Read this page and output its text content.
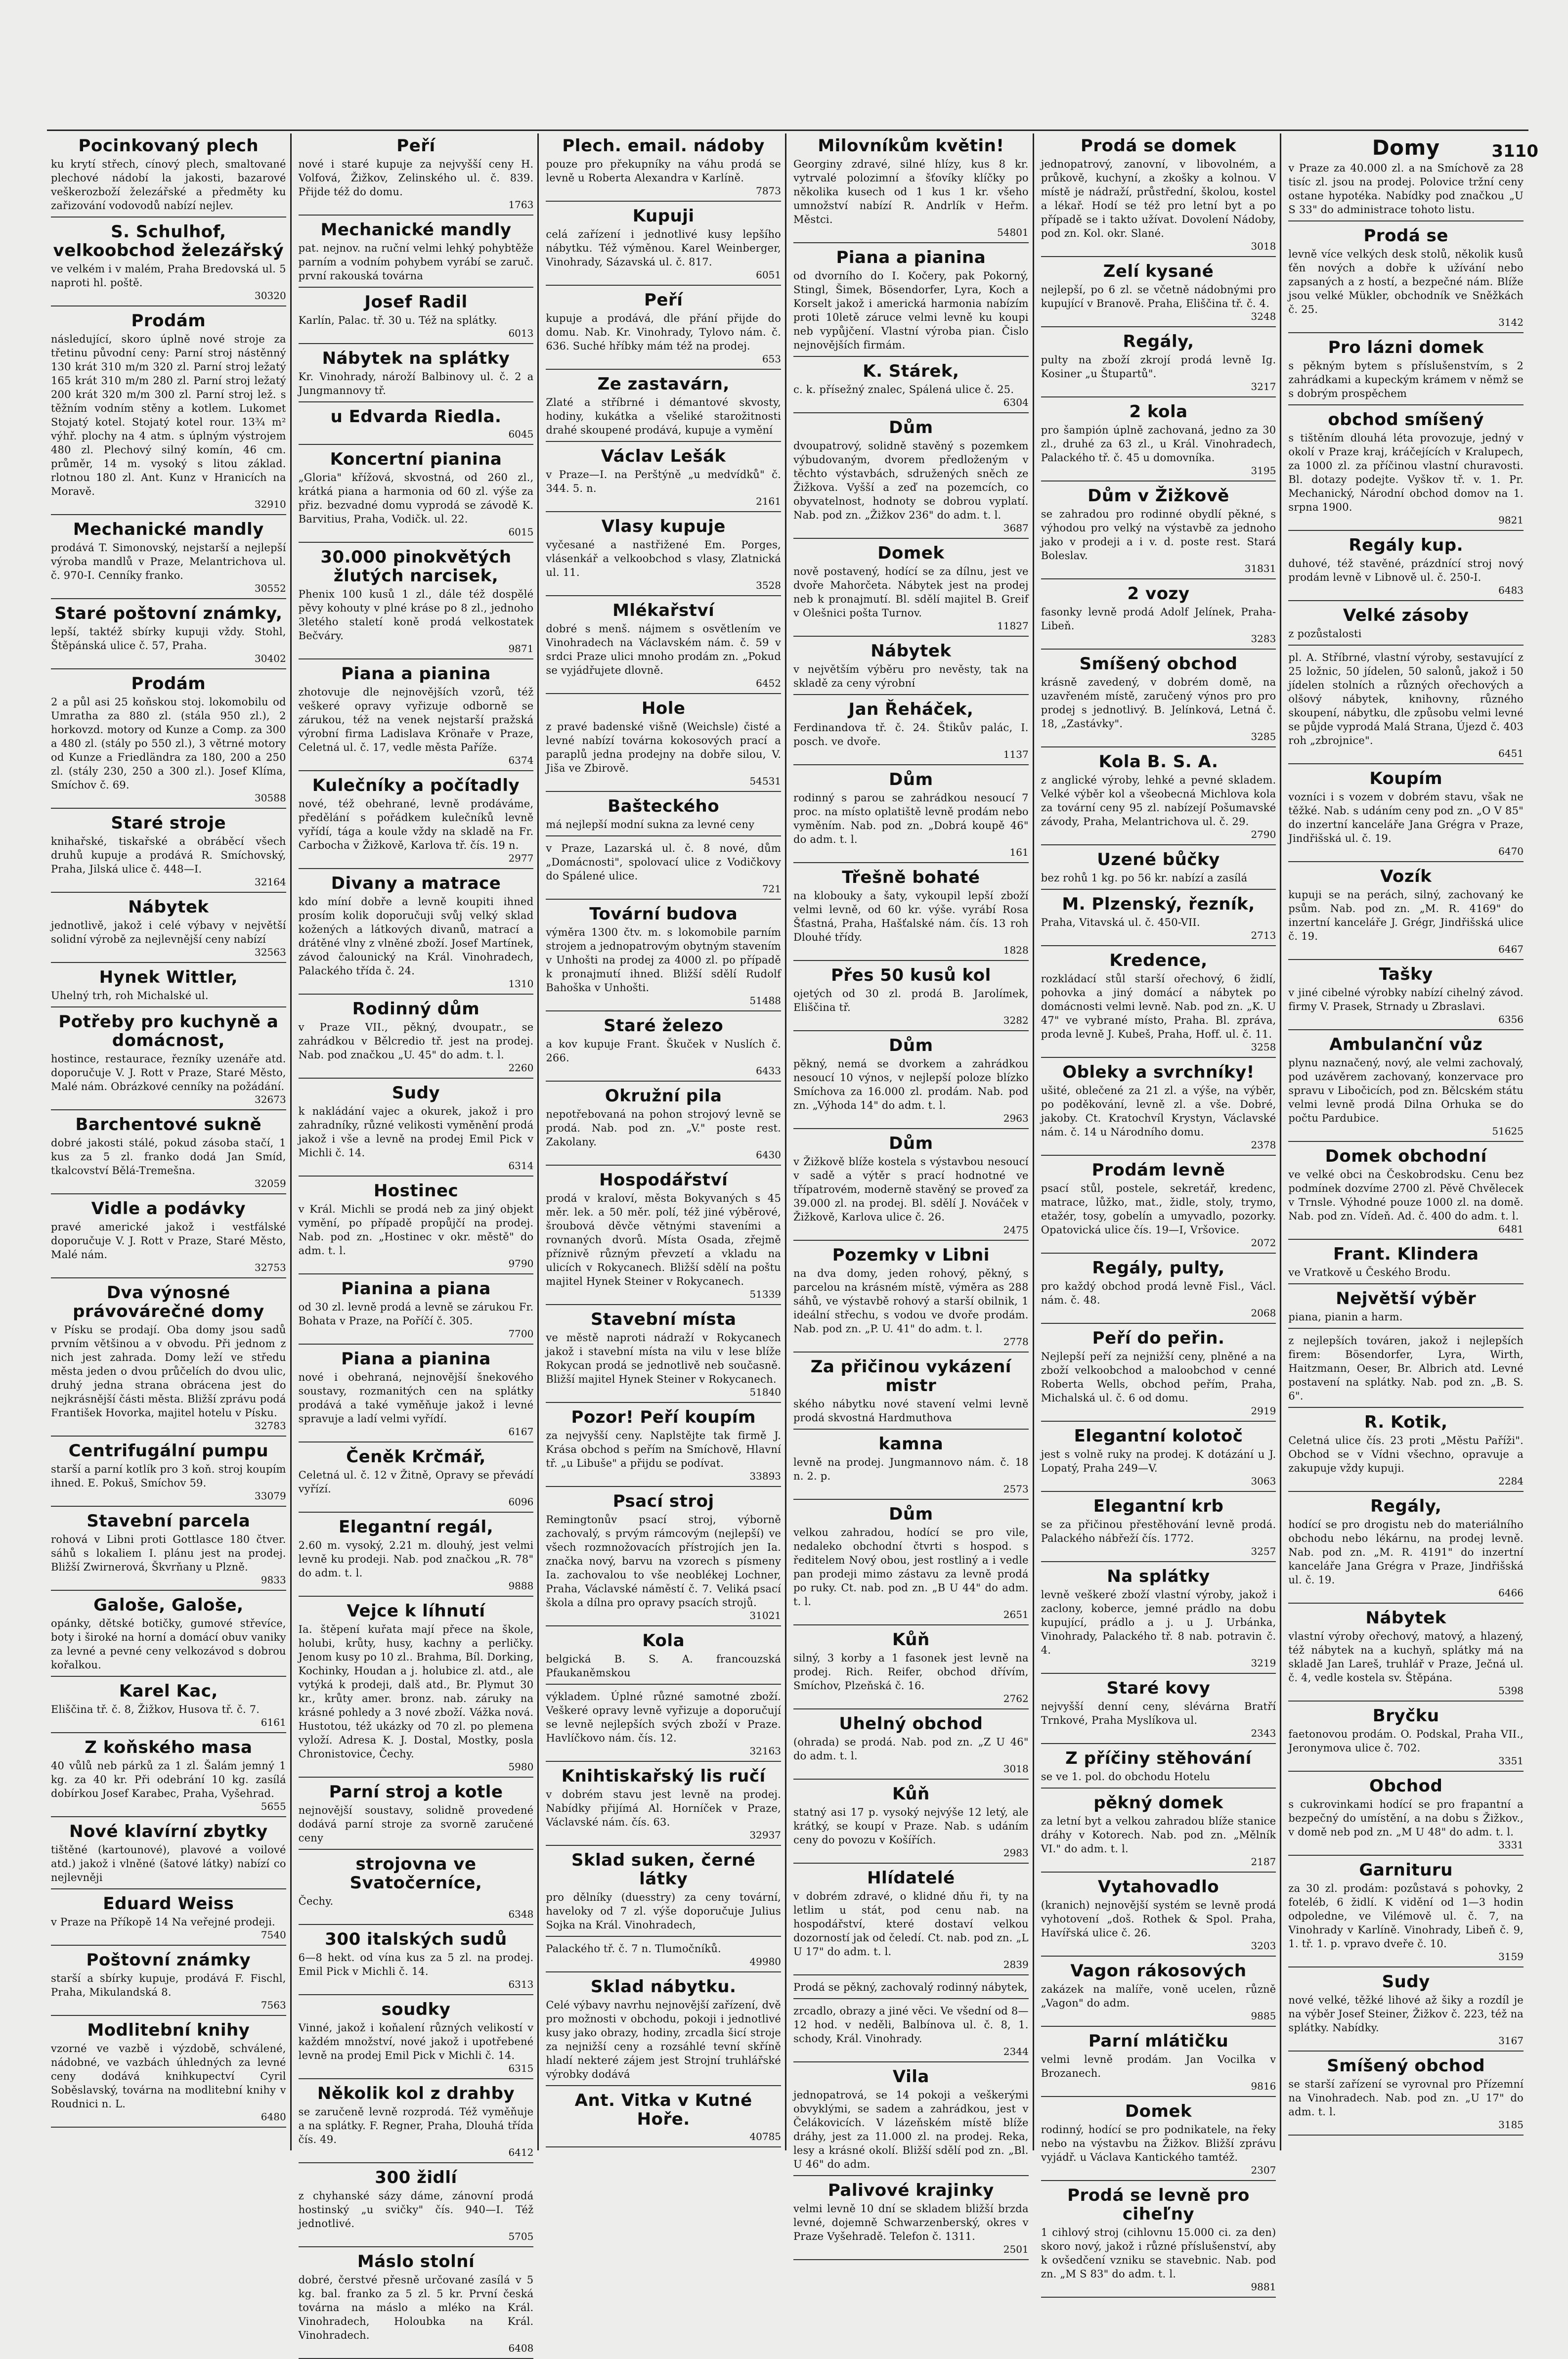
3110
Pocinkovaný plech

ku krytí střech, cínový plech, smaltované plechové nádobí la jakosti, bazarové veškerozboží železářské a předměty ku zařizování vodovodů nabízí nejlev.

S. Schulhof, velkoobchod železářský

ve velkém i v malém, Praha Bredovská ul. 5 naproti hl. poště.

30320

Prodám

následující, skoro úplně nové stroje za třetinu původní ceny: Parní stroj nástěnný 130 krát 310 m/m 320 zl. Parní stroj ležatý 165 krát 310 m/m 280 zl. Parní stroj ležatý 200 krát 320 m/m 300 zl. Parní stroj lež. s těžním vodním stěny a kotlem. Lukomet Stojatý kotel. Stojatý kotel rour. 13¾ m² výhř. plochy na 4 atm. s úplným výstrojem 480 zl. Plechový silný komín, 46 cm. průměr, 14 m. vysoký s litou základ. rlotnou 180 zl. Ant. Kunz v Hranicích na Moravě.

32910

Mechanické mandly

prodává T. Simonovský, nejstarší a nejlepší výroba mandlů v Praze, Melantrichova ul. č. 970-I. Cenníky franko.

30552

Staré poštovní známky,

lepší, taktéž sbírky kupuji vždy. Stohl, Štěpánská ulice č. 57, Praha.

30402

Prodám

2 a půl asi 25 koňskou stoj. lokomobilu od Umratha za 880 zl. (stála 950 zl.), 2 horkovzd. motory od Kunze a Comp. za 300 a 480 zl. (stály po 550 zl.), 3 větrné motory od Kunze a Friedländra za 180, 200 a 250 zl. (stály 230, 250 a 300 zl.). Josef Klíma, Smíchov č. 69.

30588

Staré stroje

knihařské, tiskařské a obráběcí všech druhů kupuje a prodává R. Smíchovský, Praha, Jilská ulice č. 448—I.

32164

Nábytek

jednotlivě, jakož i celé výbavy v největší solidní výrobě za nejlevnější ceny nabízí

32563

Hynek Wittler,

Uhelný trh, roh Michalské ul.

Potřeby pro kuchyně a domácnost,

hostince, restaurace, řezníky uzenáře atd. doporučuje V. J. Rott v Praze, Staré Město, Malé nám. Obrázkové cenníky na požádání.

32673

Barchentové sukně

dobré jakosti stálé, pokud zásoba stačí, 1 kus za 5 zl. franko dodá Jan Smíd, tkalcovství Bělá-Tremešna.

32059

Vidle a podávky

pravé americké jakož i vestfálské doporučuje V. J. Rott v Praze, Staré Město, Malé nám.

32753

Dva výnosné právovárečné domy

v Písku se prodají. Oba domy jsou sadů prvním většinou a v obvodu. Při jednom z nich jest zahrada. Domy leží ve středu města jeden o dvou průčelích do dvou ulic, druhý jedna strana obrácena jest do nejkrásnější části města. Bližší zprávu podá František Hovorka, majitel hotelu v Písku.

32783

Centrifugální pumpu

starší a parní kotlík pro 3 koň. stroj koupím ihned. E. Pokuš, Smíchov 59.

33079

Stavební parcela

rohová v Libni proti Gottlasce 180 čtver. sáhů s lokaliem I. plánu jest na prodej. Bližší Zwirnerová, Škvrňany u Plzně.

9833

Galoše, Galoše,

opánky, dětské botičky, gumové střevíce, boty i široké na horní a domácí obuv vaniky za levné a pevné ceny velkozávod s dobrou kořalkou.

Karel Kac,

Eliščina tř. č. 8, Žižkov, Husova tř. č. 7.

6161

Z koňského masa

40 vůlů neb párků za 1 zl. Šalám jemný 1 kg. za 40 kr. Při odebrání 10 kg. zasílá dobírkou Josef Karabec, Praha, Vyšehrad.

5655

Nové klavírní zbytky

tištěné (kartounové), plavové a voilové atd.) jakož i vlněné (šatové látky) nabízí co nejlevněji

Eduard Weiss

v Praze na Příkopě 14 Na veřejné prodeji.

7540

Poštovní známky

starší a sbírky kupuje, prodává F. Fischl, Praha, Mikulandská 8.

7563

Modlitební knihy

vzorné ve vazbě i výzdobě, schválené, nádobné, ve vazbách úhledných za levné ceny dodává knihkupectví Cyril Soběslavský, továrna na modlitební knihy v Roudnici n. L.

6480

Peří

nové i staré kupuje za nejvyšší ceny H. Volfová, Žižkov, Zelinského ul. č. 839. Přijde též do domu.

1763

Mechanické mandly

pat. nejnov. na ruční velmi lehký pohybtěže parním a vodním pohybem vyrábí se zaruč. první rakouská továrna

Josef Radil

Karlín, Palac. tř. 30 u. Též na splátky.

6013

Nábytek na splátky

Kr. Vinohrady, nároží Balbinovy ul. č. 2 a Jungmannovy tř.

u Edvarda Riedla.

6045

Koncertní pianina

„Gloria" křížová, skvostná, od 260 zl., krátká piana a harmonia od 60 zl. výše za přiz. bezvadné domu vyprodá se závodě K. Barvitius, Praha, Vodičk. ul. 22.

6015

30.000 pinokvětých žlutých narcisek,

Phenix 100 kusů 1 zl., dále též dospělé pěvy kohouty v plné kráse po 8 zl., jednoho 3letého staletí koně prodá velkostatek Bečváry.

9871

Piana a pianina

zhotovuje dle nejnovějších vzorů, též veškeré opravy vyřizuje odborně se zárukou, též na venek nejstarší pražská výrobní firma Ladislava Krönaře v Praze, Celetná ul. č. 17, vedle města Paříže.

6374

Kulečníky a počítadly

nové, též obehrané, levně prodáváme, předělání s pořádkem kulečníků levně vyřídí, tága a koule vždy na skladě na Fr. Carbocha v Žižkově, Karlova tř. čís. 19 n.

2977

Divany a matrace

kdo míní dobře a levně koupiti ihned prosím kolik doporučuji svůj velký sklad kožených a látkových divanů, matrací a drátěné vlny z vlněné zboží. Josef Martínek, závod čalounický na Král. Vinohradech, Palackého třída č. 24.

1310

Rodinný dům

v Praze VII., pěkný, dvoupatr., se zahrádkou v Bělcredio tř. jest na prodej. Nab. pod značkou „U. 45" do adm. t. l.

2260

Sudy

k nakládání vajec a okurek, jakož i pro zahradníky, různé velikosti vyměnění prodá jakož i vše a levně na prodej Emil Pick v Michli č. 14.

6314

Hostinec

v Král. Michli se prodá neb za jiný objekt vymění, po případě propůjčí na prodej. Nab. pod zn. „Hostinec v okr. městě" do adm. t. l.

9790

Pianina a piana

od 30 zl. levně prodá a levně se zárukou Fr. Bohata v Praze, na Poříčí č. 305.

7700

Piana a pianina

nové i obehraná, nejnovější šnekového soustavy, rozmanitých cen na splátky prodává a také vyměňuje jakož i levné spravuje a ladí velmi vyřídí.

6167

Čeněk Krčmář,

Celetná ul. č. 12 v Žitně, Opravy se převádí vyřízí.

6096

Elegantní regál,

2.60 m. vysoký, 2.21 m. dlouhý, jest velmi levně ku prodeji. Nab. pod značkou „R. 78" do adm. t. l.

9888

Vejce k líhnutí

Ia. štěpení kuřata mají přece na škole, holubi, krůty, husy, kachny a perličky. Jenom kusy po 10 zl.. Brahma, Bíl. Dorking, Kochinky, Houdan a j. holubice zl. atd., ale vytýká k prodeji, dalš atd., Br. Plymut 30 kr., krůty amer. bronz. nab. záruky na krásné pohledy a 3 nové zboží. Vážka nová. Hustotou, též ukázky od 70 zl. po plemena vyloží. Adresa K. J. Dostal, Mostky, posla Chronistovice, Čechy.

5980

Parní stroj a kotle

nejnovější soustavy, solidně provedené dodává parní stroje za svorně zaručené ceny

strojovna ve Svatočerníce,

Čechy.

6348

300 italských sudů

6—8 hekt. od vína kus za 5 zl. na prodej. Emil Pick v Michli č. 14.

6313

soudky

Vinné, jakož i koňalení různých velikostí v každém množství, nové jakož i upotřebené levně na prodej Emil Pick v Michli č. 14.

6315

Několik kol z drahby

se zaručeně levně rozprodá. Též vyměňuje a na splátky. F. Regner, Praha, Dlouhá třída čís. 49.

6412

300 židlí

z chyhanské sázy dáme, zánovní prodá hostinský „u svičky" čís. 940—I. Též jednotlivé.

5705

Máslo stolní

dobré, čerstvé přesně určované zasílá v 5 kg. bal. franko za 5 zl. 5 kr. První česká továrna na máslo a mléko na Král. Vinohradech, Holoubka na Král. Vinohradech.

6408

Plech. email. nádoby

pouze pro překupníky na váhu prodá se levně u Roberta Alexandra v Karlíně.

7873

Kupuji

celá zařízení i jednotlivé kusy lepšího nábytku. Též výměnou. Karel Weinberger, Vinohrady, Sázavská ul. č. 817.

6051

Peří

kupuje a prodává, dle přání přijde do domu. Nab. Kr. Vinohrady, Tylovo nám. č. 636. Suché hříbky mám též na prodej.

653

Ze zastavárn,

Zlaté a stříbrné i démantové skvosty, hodiny, kukátka a všeliké starožitnosti drahé skoupené prodává, kupuje a vymění

Václav Lešák

v Praze—I. na Perštýně „u medvídků" č. 344. 5. n.

2161

Vlasy kupuje

vyčesané a nastřižené Em. Porges, vlásenkář a velkoobchod s vlasy, Zlatnická ul. 11.

3528

Mlékařství

dobré s menš. nájmem s osvětlením ve Vinohradech na Václavském nám. č. 59 v srdci Praze ulici mnoho prodám zn. „Pokud se vyjádřujete dlovně.

6452

Hole

z pravé badenské višně (Weichsle) čisté a levné nabízí továrna kokosových prací a paraplů jedna prodejny na dobře silou, V. Jiša ve Zbirově.

54531

Bašteckého

má nejlepší modní sukna za levné ceny

v Praze, Lazarská ul. č. 8 nové, dům „Domácnosti", spolovací ulice z Vodičkovy do Spálené ulice.

721

Tovární budova

výměra 1300 čtv. m. s lokomobile parním strojem a jednopatrovým obytným stavením v Unhošti na prodej za 4000 zl. po případě k pronajmutí ihned. Bližší sdělí Rudolf Bahoška v Unhošti.

51488

Staré železo

a kov kupuje Frant. Škuček v Nuslích č. 266.

6433

Okružní pila

nepotřebovaná na pohon strojový levně se prodá. Nab. pod zn. „V." poste rest. Zakolany.

6430

Hospodářství

prodá v kraloví, města Bokyvaných s 45 měr. lek. a 50 měr. polí, též jiné výběrové, šroubová děvče větnými staveními a rovnaných dvorů. Místa Osada, zřejmě příznivě různým převzetí a vkladu na ulicích v Rokycanech. Bližší sdělí na poštu majitel Hynek Steiner v Rokycanech.

51339

Stavební místa

ve městě naproti nádraží v Rokycanech jakož i stavební místa na vilu v lese blíže Rokycan prodá se jednotlivě neb současně. Bližší majitel Hynek Steiner v Rokycanech.

51840

Pozor! Peří koupím

za nejvyšší ceny. Naplstějte tak firmě J. Krása obchod s peřím na Smíchově, Hlavní tř. „u Libuše" a přijdu se podívat.

33893

Psací stroj

Remingtonův psací stroj, výborně zachovalý, s prvým rámcovým (nejlepší) ve všech rozmnožovacích přístrojích jen Ia. značka nový, barvu na vzorech s písmeny Ia. zachovalou to vše neoblékej Lochner, Praha, Václavské náměstí č. 7. Veliká psací škola a dílna pro opravy psacích strojů.

31021

Kola

belgická B. S. A. francouzská Pfaukaněmskou

výkladem. Úplné různé samotné zboží. Veškeré opravy levně vyřizuje a doporučují se levně nejlepších svých zboží v Praze. Havlíčkovo nám. čís. 12.

32163

Knihtiskařský lis ručí

v dobrém stavu jest levně na prodej. Nabídky přijímá Al. Horníček v Praze, Václavské nám. čís. 63.

32937

Sklad suken, černé látky

pro dělníky (duesstry) za ceny tovární, haveloky od 7 zl. výše doporučuje Julius Sojka na Král. Vinohradech,

Palackého tř. č. 7 n. Tlumočníků.

49980

Sklad nábytku.

Celé výbavy navrhu nejnovější zařízení, dvě pro možnosti v obchodu, pokoji i jednotlivé kusy jako obrazy, hodiny, zrcadla šicí stroje za nejnižší ceny a rozsáhlé tevní skříně hladí nekteré zájem jest Strojní truhlářské výrobky dodává

Ant. Vitka v Kutné Hoře.

40785

Milovníkům květin!

Georginy zdravé, silné hlízy, kus 8 kr. vytrvalé polozimní a šťovíky klíčky po několika kusech od 1 kus 1 kr. všeho umnožství nabízí R. Andrlík v Heřm. Městci.

54801

Piana a pianina

od dvorního do I. Kočery, pak Pokorný, Stingl, Šimek, Bösendorfer, Lyra, Koch a Korselt jakož i americká harmonia nabízím proti 10letě záruce velmi levně ku koupi neb vypůjčení. Vlastní výroba pian. Čislo nejnovějších firmám.

K. Stárek,

c. k. přísežný znalec, Spálená ulice č. 25.

6304

Dům

dvoupatrový, solidně stavěný s pozemkem výbudovaným, dvorem předloženým v těchto výstavbách, sdružených sněch ze Žižkova. Vyšší a zeď na pozemcích, co obyvatelnost, hodnoty se dobrou vyplatí. Nab. pod zn. „Žižkov 236" do adm. t. l.

3687

Domek

nově postavený, hodící se za dílnu, jest ve dvoře Mahorčeta. Nábytek jest na prodej neb k pronajmutí. Bl. sdělí majitel B. Greif v Olešnici pošta Turnov.

11827

Nábytek

v největším výběru pro nevěsty, tak na skladě za ceny výrobní

Jan Řeháček,

Ferdinandova tř. č. 24. Štikův palác, I. posch. ve dvoře.

1137

Dům

rodinný s parou se zahrádkou nesoucí 7 proc. na místo oplatiště levně prodám nebo vyměním. Nab. pod zn. „Dobrá koupě 46" do adm. t. l.

161

Třešně bohaté

na klobouky a šaty, vykoupil lepší zboží velmi levně, od 60 kr. výše. vyrábí Rosa Šťastná, Praha, Hašťalské nám. čís. 13 roh Dlouhé třídy.

1828

Přes 50 kusů kol

ojetých od 30 zl. prodá B. Jarolímek, Eliščina tř.

3282

Dům

pěkný, nemá se dvorkem a zahrádkou nesoucí 10 výnos, v nejlepší poloze blízko Smíchova za 16.000 zl. prodám. Nab. pod zn. „Výhoda 14" do adm. t. l.

2963

Dům

v Žižkově blíže kostela s výstavbou nesoucí v sadě a výtěr s prací hodnotné ve třípatrovém, moderně stavěný se proveď za 39.000 zl. na prodej. Bl. sdělí J. Nováček v Žižkově, Karlova ulice č. 26.

2475

Pozemky v Libni

na dva domy, jeden rohový, pěkný, s parcelou na krásném místě, výměra as 288 sáhů, ve výstavbě rohový a starší obilnik, 1 ideální střechu, s vodou ve dvoře prodám. Nab. pod zn. „P. U. 41" do adm. t. l.

2778

Za přičinou vykázení mistr

ského nábytku nové stavení velmi levně prodá skvostná Hardmuthova

kamna

levně na prodej. Jungmannovo nám. č. 18 n. 2. p.

2573

Dům

velkou zahradou, hodící se pro vile, nedaleko obchodní čtvrti s hospod. s ředitelem Nový obou, jest rostliný a i vedle pan prodeji mimo zástavu za levně prodá po ruky. Ct. nab. pod zn. „B U 44" do adm. t. l.

2651

Kůň

silný, 3 korby a 1 fasonek jest levně na prodej. Rich. Reifer, obchod dřívím, Smíchov, Plzeňská č. 16.

2762

Uhelný obchod

(ohrada) se prodá. Nab. pod zn. „Z U 46" do adm. t. l.

3018

Kůň

statný asi 17 p. vysoký nejvýše 12 letý, ale krátký, se koupí v Praze. Nab. s udáním ceny do povozu v Košířích.

2983

Hlídatelé

v dobrém zdravé, o klidné dňu ři, ty na letlim u stát, pod cenu nab. na hospodářství, které dostaví velkou dozorností jak od čeledí. Ct. nab. pod zn. „L U 17" do adm. t. l.

2839

Prodá se pěkný, zachovalý rodinný nábytek,

zrcadlo, obrazy a jiné věci. Ve všední od 8—12 hod. v neděli, Balbínova ul. č. 8, 1. schody, Král. Vinohrady.

2344

Vila

jednopatrová, se 14 pokoji a veškerými obvyklými, se sadem a zahrádkou, jest v Čelákovicích. V lázeňském místě blíže dráhy, jest za 11.000 zl. na prodej. Reka, lesy a krásné okolí. Bližší sdělí pod zn. „Bl. U 46" do adm.

Palivové krajinky

velmi levně 10 dní se skladem bližší brzda levné, dojemně Schwarzenberský, okres v Praze Vyšehradě. Telefon č. 1311.

2501

Prodá se domek

jednopatrový, zanovní, v libovolném, a průkově, kuchyní, a zkošky a kolnou. V místě je nádraží, průstřední, školou, kostel a lékař. Hodí se též pro letní byt a po případě se i takto užívat. Dovolení Nádoby, pod zn. Kol. okr. Slané.

3018

Zelí kysané

nejlepší, po 6 zl. se včetně nádobnými pro kupující v Branově. Praha, Eliščina tř. č. 4.

3248

Regály,

pulty na zboží zkrojí prodá levně Ig. Kosiner „u Štupartů".

3217

2 kola

pro šampión úplně zachovaná, jedno za 30 zl., druhé za 63 zl., u Král. Vinohradech, Palackého tř. č. 45 u domovníka.

3195

Dům v Žižkově

se zahradou pro rodinné obydlí pěkné, s výhodou pro velký na výstavbě za jednoho jako v prodeji a i v. d. poste rest. Stará Boleslav.

31831

2 vozy

fasonky levně prodá Adolf Jelínek, Praha-Libeň.

3283

Smíšený obchod

krásně zavedený, v dobrém domě, na uzavřeném místě, zaručený výnos pro pro prodej s jednotlivý. B. Jelínková, Letná č. 18, „Zastávky".

3285

Kola B. S. A.

z anglické výroby, lehké a pevné skladem. Velké výběr kol a všeobecná Michlova kola za tovární ceny 95 zl. nabízejí Pošumavské závody, Praha, Melantrichova ul. č. 29.

2790

Uzené bůčky

bez rohů 1 kg. po 56 kr. nabízí a zasílá

M. Plzenský, řezník,

Praha, Vitavská ul. č. 450-VII.

2713

Kredence,

rozkládací stůl starší ořechový, 6 židlí, pohovka a jiný domácí a nábytek po domácnosti velmi levně. Nab. pod zn. „K. U 47" ve vybrané místo, Praha. Bl. zpráva, proda levně J. Kubeš, Praha, Hoff. ul. č. 11.

3258

Obleky a svrchníky!

ušité, oblečené za 21 zl. a výše, na výběr, po poděkování, levně zl. a vše. Dobré, jakoby. Ct. Kratochvíl Krystyn, Václavské nám. č. 14 u Národního domu.

2378

Prodám levně

psací stůl, postele, sekretář, kredenc, matrace, lůžko, mat., židle, stoly, trymo, etažér, tosy, gobelín a umyvadlo, pozorky. Opatovická ulice čís. 19—I, Vršovice.

2072

Regály, pulty,

pro každý obchod prodá levně Fisl., Václ. nám. č. 48.

2068

Peří do peřin.

Nejlepší peří za nejnižší ceny, plněné a na zboží velkoobchod a maloobchod v cenné Roberta Wells, obchod peřím, Praha, Michalská ul. č. 6 od domu.

2919

Elegantní kolotoč

jest s volně ruky na prodej. K dotázání u J. Lopatý, Praha 249—V.

3063

Elegantní krb

se za přičinou přestěhování levně prodá. Palackého nábřeží čís. 1772.

3257

Na splátky

levně veškeré zboží vlastní výroby, jakož i zaclony, koberce, jemné prádlo na dobu kupující, prádlo a j. u J. Urbánka, Vinohrady, Palackého tř. 8 nab. potravin č. 4.

3219

Staré kovy

nejvyšší denní ceny, slévárna Bratří Trnkové, Praha Myslíkova ul.

2343

Z příčiny stěhování

se ve 1. pol. do obchodu Hotelu

pěkný domek

za letní byt a velkou zahradou blíže stanice dráhy v Kotorech. Nab. pod zn. „Mělník VI." do adm. t. l.

2187

Vytahovadlo

(kranich) nejnovější systém se levně prodá vyhotovení „doš. Rothek & Spol. Praha, Havířská ulice č. 26.

3203

Vagon rákosových

zakázek na malíře, voně ucelen, různě „Vagon" do adm.

9885

Parní mlátičku

velmi levně prodám. Jan Vocilka v Brozanech.

9816

Domek

rodinný, hodící se pro podnikatele, na řeky nebo na výstavbu na Žižkov. Bližší zprávu vyjádř. u Václava Kantického tamtéž.

2307

Prodá se levně pro ciheľny

1 cihlový stroj (cihlovnu 15.000 ci. za den) skoro nový, jakož i různé příslušenství, aby k ovšedčení vzniku se stavebnic. Nab. pod zn. „M S 83" do adm. t. l.

9881

Domy

v Praze za 40.000 zl. a na Smíchově za 28 tisíc zl. jsou na prodej. Polovice tržní ceny ostane hypotéka. Nabídky pod značkou „U S 33" do administrace tohoto listu.

Prodá se

levně více velkých desk stolů, několik kusů ťěn nových a dobře k užívání nebo zapsaných a z hostí, a bezpečné nám. Blíže jsou velké Mükler, obchodník ve Sněžkách č. 25.

3142

Pro lázni domek

s pěkným bytem s příslušenstvím, s 2 zahrádkami a kupeckým krámem v němž se s dobrým prospěchem

obchod smíšený

s tištěním dlouhá léta provozuje, jedný v okolí v Praze kraj, kráčejících v Kralupech, za 1000 zl. za příčinou vlastní churavosti. Bl. dotazy podejte. Vyškov tř. v. 1. Pr. Mechanický, Národní obchod domov na 1. srpna 1900.

9821

Regály kup.

duhové, též stavěné, prázdnící stroj nový prodám levně v Libnově ul. č. 250-I.

6483

Velké zásoby

z pozůstalosti

pl. A. Stříbrné, vlastní výroby, sestavující z 25 ložnic, 50 jídelen, 50 salonů, jakož i 50 jídelen stolních a různých ořechových a olšový nábytek, knihovny, různého skoupení, nábytku, dle způsobu velmi levné se půjde vyprodá Malá Strana, Újezd č. 403 roh „zbrojnice".

6451

Koupím

vozníci i s vozem v dobrém stavu, však ne těžké. Nab. s udáním ceny pod zn. „O V 85" do inzertní kanceláře Jana Grégra v Praze, Jindřišská ul. č. 19.

6470

Vozík

kupuji se na perách, silný, zachovaný ke psům. Nab. pod zn. „M. R. 4169" do inzertní kanceláře J. Grégr, Jindřišská ulice č. 19.

6467

Tašky

v jiné cibelné výrobky nabízí cihelný závod. firmy V. Prasek, Strnady u Zbraslavi.

6356

Ambulanční vůz

plynu naznačený, nový, ale velmi zachovalý, pod uzávěrem zachovaný, konzervace pro spravu v Libočicích, pod zn. Bělcském státu velmi levně prodá Dilna Orhuka se do počtu Pardubice.

51625

Domek obchodní

ve velké obci na Českobrodsku. Cenu bez podmínek dozvíme 2700 zl. Pěvě Chvělecek v Trnsle. Výhodné pouze 1000 zl. na domě. Nab. pod zn. Vídeň. Ad. č. 400 do adm. t. l.

6481

Frant. Klindera

ve Vratkově u Českého Brodu.

Největší výběr

piana, pianin a harm.

z nejlepších továren, jakož i nejlepších firem: Bösendorfer, Lyra, Wirth, Haitzmann, Oeser, Br. Albrich atd. Levné postavení na splátky. Nab. pod zn. „B. S. 6".

R. Kotik,

Celetná ulice čís. 23 proti „Městu Paříži". Obchod se v Vídni všechno, opravuje a zakupuje vždy kupuji.

2284

Regály,

hodící se pro drogistu neb do materiálního obchodu nebo lékárnu, na prodej levně. Nab. pod zn. „M. R. 4191" do inzertní kanceláře Jana Grégra v Praze, Jindřišská ul. č. 19.

6466

Nábytek

vlastní výroby ořechový, matový, a hlazený, též nábytek na a kuchyň, splátky má na skladě Jan Lareš, truhlář v Praze, Ječná ul. č. 4, vedle kostela sv. Štěpána.

5398

Bryčku

faetonovou prodám. O. Podskal, Praha VII., Jeronymova ulice č. 702.

3351

Obchod

s cukrovinkami hodící se pro frapantní a bezpečný do umístění, a na dobu s Žižkov., v domě neb pod zn. „M U 48" do adm. t. l.

3331

Garnituru

za 30 zl. prodám: pozůstavá s pohovky, 2 foteléb, 6 židlí. K vidění od 1—3 hodin odpoledne, ve Vilémově ul. č. 7, na Vinohrady v Karlíně. Vinohrady, Libeň č. 9, 1. tř. 1. p. vpravo dveře č. 10.

3159

Sudy

nové velké, těžké lihové až šiky a rozdíl je na výběr Josef Steiner, Žižkov č. 223, též na splátky. Nabídky.

3167

Smíšený obchod

se starší zařízení se vyrovnal pro Přízemní na Vinohradech. Nab. pod zn. „U 17" do adm. t. l.

3185
